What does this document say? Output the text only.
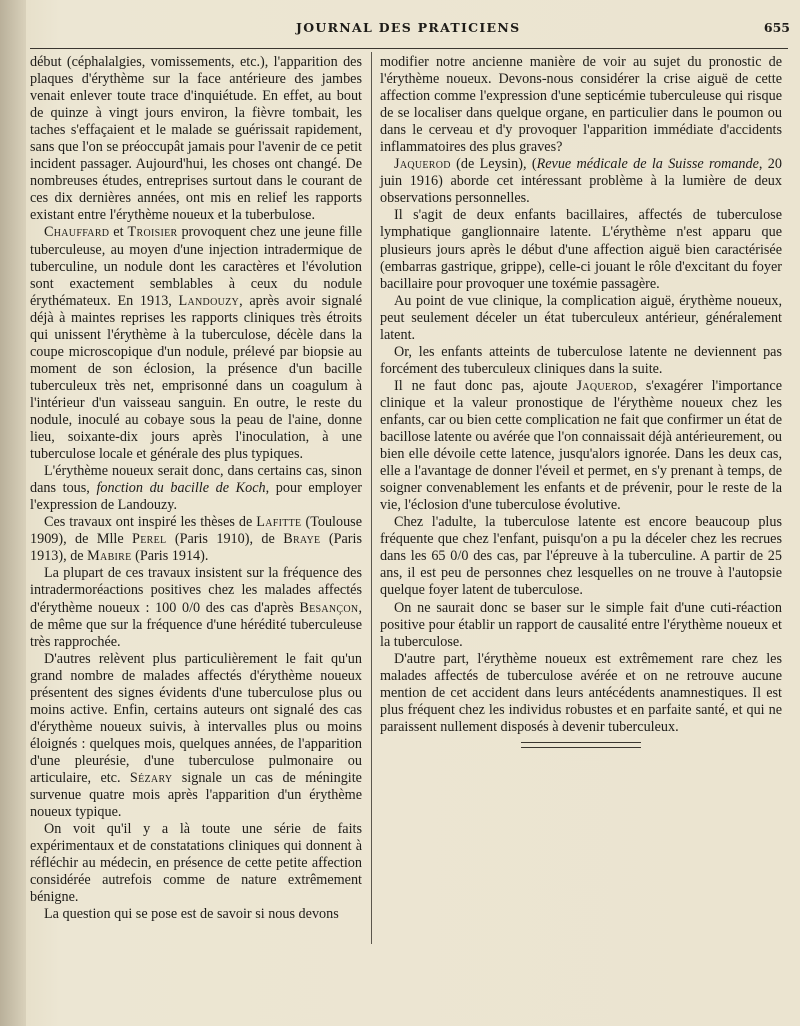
JOURNAL DES PRATICIENS	655

début (céphalalgies, vomissements, etc.), l'apparition des plaques d'érythème sur la face antérieure des jambes venait enlever toute trace d'inquiétude. En effet, au bout de quinze à vingt jours environ, la fièvre tombait, les taches s'effaçaient et le malade se guérissait rapidement, sans que l'on se préoccupât jamais pour l'avenir de ce petit incident passager. Aujourd'hui, les choses ont changé. De nombreuses études, entreprises surtout dans le courant de ces dix dernières années, ont mis en relief les rapports existant entre l'érythème noueux et la tuberbulose.

Chauffard et Troisier provoquent chez une jeune fille tuberculeuse, au moyen d'une injection intradermique de tuberculine, un nodule dont les caractères et l'évolution sont exactement semblables à ceux du nodule érythémateux. En 1913, Landouzy, après avoir signalé déjà à maintes reprises les rapports cliniques très étroits qui unissent l'érythème à la tuberculose, décèle dans la coupe microscopique d'un nodule, prélevé par biopsie au moment de son éclosion, la présence d'un bacille tuberculeux très net, emprisonné dans un coagulum à l'intérieur d'un vaisseau sanguin. En outre, le reste du nodule, inoculé au cobaye sous la peau de l'aine, donne lieu, soixante-dix jours après l'inoculation, à une tuberculose locale et générale des plus typiques.

L'érythème noueux serait donc, dans certains cas, sinon dans tous, fonction du bacille de Koch, pour employer l'expression de Landouzy.

Ces travaux ont inspiré les thèses de Lafitte (Toulouse 1909), de Mlle Perel (Paris 1910), de Braye (Paris 1913), de Mabire (Paris 1914).

La plupart de ces travaux insistent sur la fréquence des intradermoréactions positives chez les malades affectés d'érythème noueux : 100 0/0 des cas d'après Besançon, de même que sur la fréquence d'une hérédité tuberculeuse très rapprochée.

D'autres relèvent plus particulièrement le fait qu'un grand nombre de malades affectés d'érythème noueux présentent des signes évidents d'une tuberculose plus ou moins active. Enfin, certains auteurs ont signalé des cas d'érythème noueux suivis, à intervalles plus ou moins éloignés : quelques mois, quelques années, de l'apparition d'une pleurésie, d'une tuberculose pulmonaire ou articulaire, etc. Sézary signale un cas de méningite survenue quatre mois après l'apparition d'un érythème noueux typique.

On voit qu'il y a là toute une série de faits expérimentaux et de constatations cliniques qui donnent à réfléchir au médecin, en présence de cette petite affection considérée autrefois comme de nature extrêmement bénigne.

La question qui se pose est de savoir si nous devons

modifier notre ancienne manière de voir au sujet du pronostic de l'érythème noueux. Devons-nous considérer la crise aiguë de cette affection comme l'expression d'une septicémie tuberculeuse qui risque de se localiser dans quelque organe, en particulier dans le poumon ou dans le cerveau et d'y provoquer l'apparition immédiate d'accidents inflammatoires des plus graves?

Jaquerod (de Leysin), (Revue médicale de la Suisse romande, 20 juin 1916) aborde cet intéressant problème à la lumière de deux observations personnelles.

Il s'agit de deux enfants bacillaires, affectés de tuberculose lymphatique ganglionnaire latente. L'érythème n'est apparu que plusieurs jours après le début d'une affection aiguë bien caractérisée (embarras gastrique, grippe), celle-ci jouant le rôle d'excitant du foyer bacillaire pour provoquer une toxémie passagère.

Au point de vue clinique, la complication aiguë, érythème noueux, peut seulement déceler un état tuberculeux antérieur, généralement latent.

Or, les enfants atteints de tuberculose latente ne deviennent pas forcément des tuberculeux cliniques dans la suite.

Il ne faut donc pas, ajoute Jaquerod, s'exagérer l'importance clinique et la valeur pronostique de l'érythème noueux chez les enfants, car ou bien cette complication ne fait que confirmer un état de bacillose latente ou avérée que l'on connaissait déjà antérieurement, ou bien elle dévoile cette latence, jusqu'alors ignorée. Dans les deux cas, elle a l'avantage de donner l'éveil et permet, en s'y prenant à temps, de soigner convenablement les enfants et de prévenir, pour le reste de la vie, l'éclosion d'une tuberculose évolutive.

Chez l'adulte, la tuberculose latente est encore beaucoup plus fréquente que chez l'enfant, puisqu'on a pu la déceler chez les recrues dans les 65 0/0 des cas, par l'épreuve à la tuberculine. A partir de 25 ans, il est peu de personnes chez lesquelles on ne trouve à l'autopsie quelque foyer latent de tuberculose.

On ne saurait donc se baser sur le simple fait d'une cuti-réaction positive pour établir un rapport de causalité entre l'érythème noueux et la tuberculose.

D'autre part, l'érythème noueux est extrêmement rare chez les malades affectés de tuberculose avérée et on ne retrouve aucune mention de cet accident dans leurs antécédents anamnestiques. Il est plus fréquent chez les individus robustes et en parfaite santé, et qui ne paraissent nullement disposés à devenir tuberculeux.
